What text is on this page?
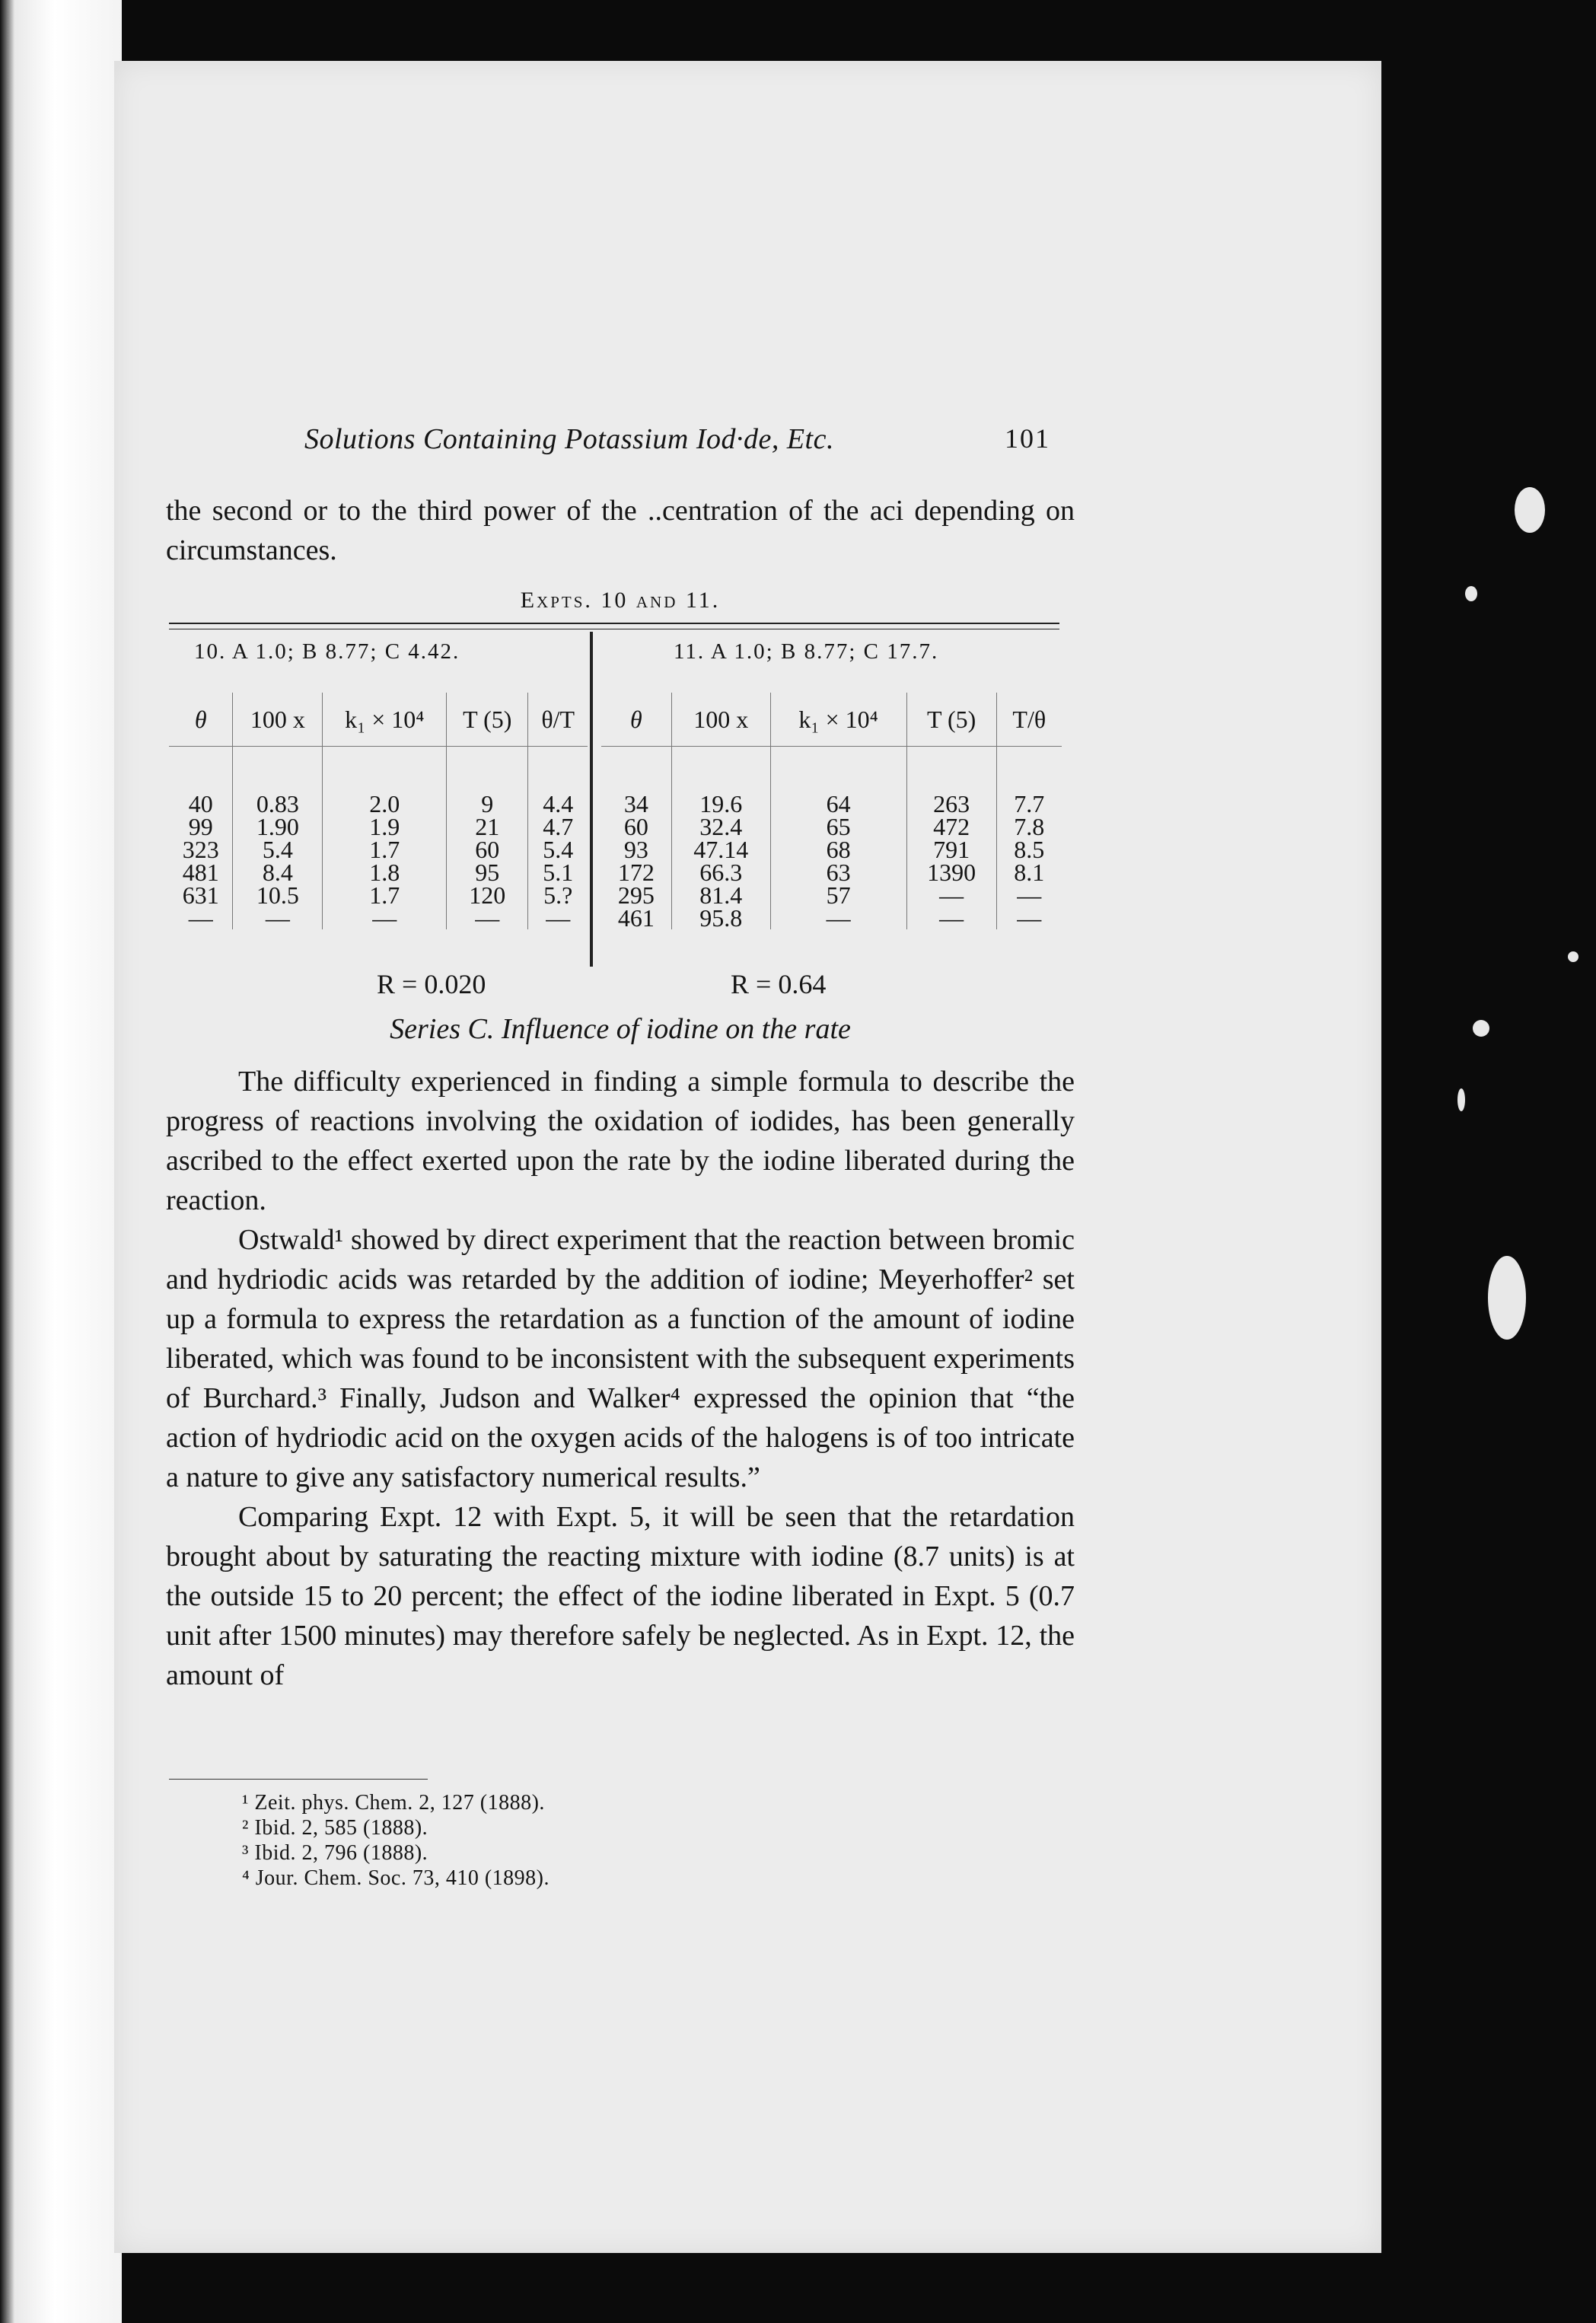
Solutions Containing Potassium Iod·de, Etc.	101

the second or to the third power of the ..centration of the aci depending on circumstances.

Expts. 10 and 11.
10. A 1.0; B 8.77; C 4.42.	11. A 1.0; B 8.77; C 17.7.
θ	100 x	k₁ × 10⁴	T (5)	θ/T
40	0.83	2.0	9	4.4
99	1.90	1.9	21	4.7
323	5.4	1.7	60	5.4
481	8.4	1.8	95	5.1
631	10.5	1.7	120	5.?
—	—	—	—	—
θ	100 x	k₁ × 10⁴	T (5)	T/θ
34	19.6	64	263	7.7
60	32.4	65	472	7.8
93	47.14	68	791	8.5
172	66.3	63	1390	8.1
295	81.4	57	—	—
461	95.8	—	—	—
R = 0.020	R = 0.64
Series C. Influence of iodine on the rate

The difficulty experienced in finding a simple formula to describe the progress of reactions involving the oxidation of iodides, has been generally ascribed to the effect exerted upon the rate by the iodine liberated during the reaction.

Ostwald¹ showed by direct experiment that the reaction between bromic and hydriodic acids was retarded by the addition of iodine; Meyerhoffer² set up a formula to express the retardation as a function of the amount of iodine liberated, which was found to be inconsistent with the subsequent experiments of Burchard.³ Finally, Judson and Walker⁴ expressed the opinion that “the action of hydriodic acid on the oxygen acids of the halogens is of too intricate a nature to give any satisfactory numerical results.”

Comparing Expt. 12 with Expt. 5, it will be seen that the retardation brought about by saturating the reacting mixture with iodine (8.7 units) is at the outside 15 to 20 percent; the effect of the iodine liberated in Expt. 5 (0.7 unit after 1500 minutes) may therefore safely be neglected. As in Expt. 12, the amount of

¹ Zeit. phys. Chem. 2, 127 (1888).
² Ibid. 2, 585 (1888).
³ Ibid. 2, 796 (1888).
⁴ Jour. Chem. Soc. 73, 410 (1898).
